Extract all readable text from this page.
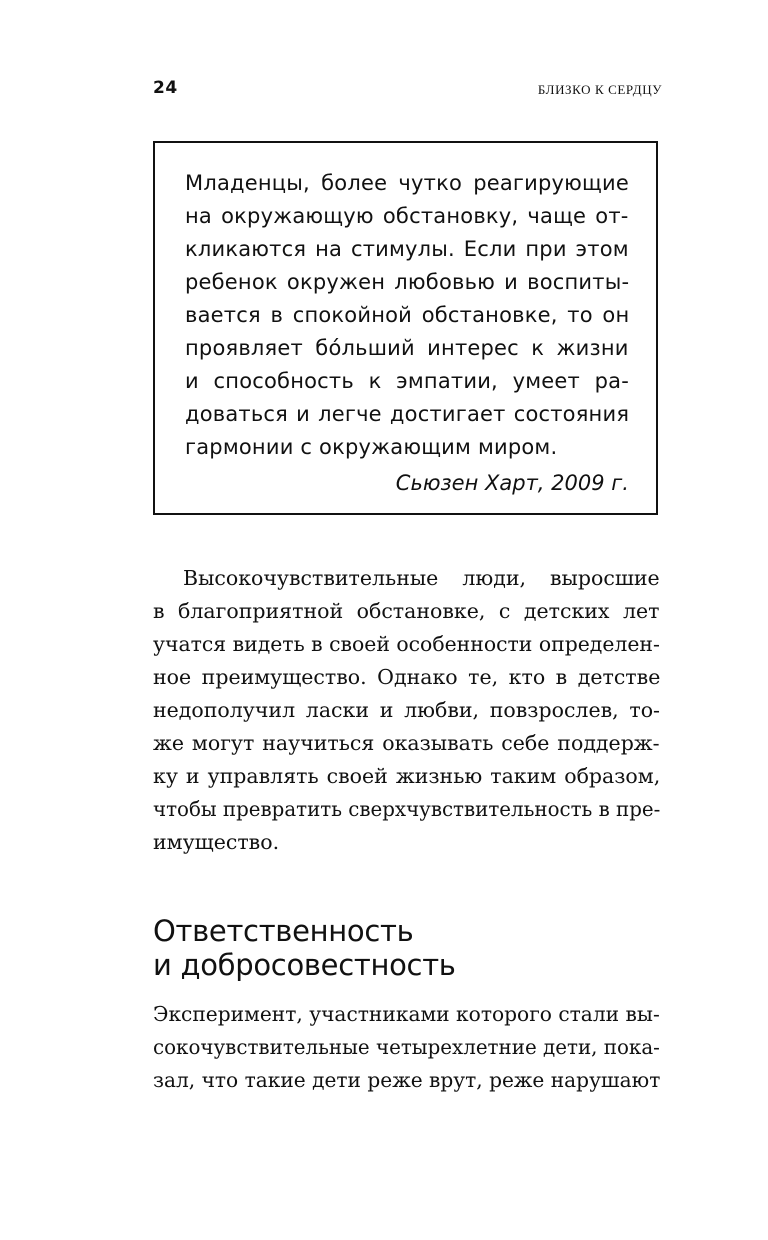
24	БЛИЗКО К СЕРДЦУ
Младенцы, более чутко реагирующие
на окружающую обстановку, чаще от-
кликаются на стимулы. Если при этом
ребенок окружен любовью и воспиты-
вается в спокойной обстановке, то он
проявляет бо́льший интерес к жизни
и способность к эмпатии, умеет ра-
доваться и легче достигает состояния
гармонии с окружающим миром.
Сьюзен Харт, 2009 г.
Высокочувствительные люди, выросшие
в благоприятной обстановке, с детских лет
учатся видеть в своей особенности определен-
ное преимущество. Однако те, кто в детстве
недополучил ласки и любви, повзрослев, то-
же могут научиться оказывать себе поддерж-
ку и управлять своей жизнью таким образом,
чтобы превратить сверхчувствительность в пре-
имущество.
Ответственность
и добросовестность
Эксперимент, участниками которого стали вы-
сокочувствительные четырехлетние дети, пока-
зал, что такие дети реже врут, реже нарушают
